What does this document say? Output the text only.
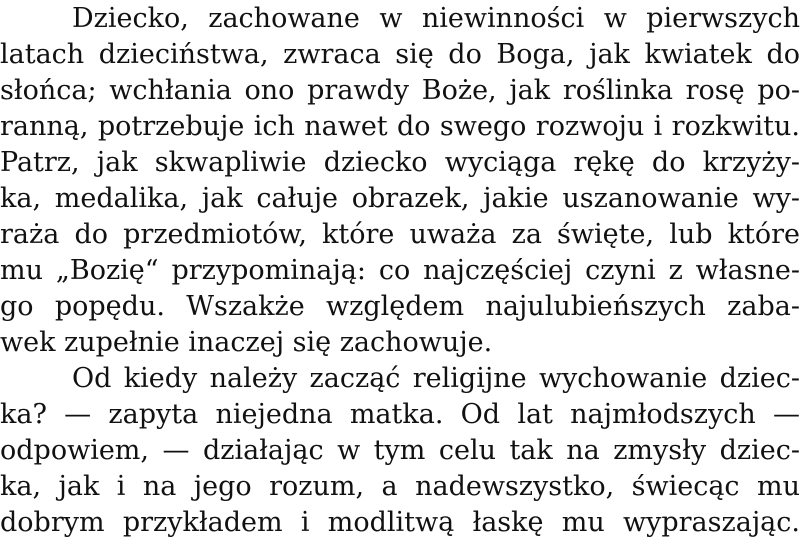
Dziecko, zachowane w niewinności w pierwszych
latach dzieciństwa, zwraca się do Boga, jak kwiatek do
słońca; wchłania ono prawdy Boże, jak roślinka rosę po-
ranną, potrzebuje ich nawet do swego rozwoju i rozkwitu.
Patrz, jak skwapliwie dziecko wyciąga rękę do krzyży-
ka, medalika, jak całuje obrazek, jakie uszanowanie wy-
raża do przedmiotów, które uważa za święte, lub które
mu „Bozię“ przypominają: co najczęściej czyni z własne-
go popędu. Wszakże względem najulubieńszych zaba-
wek zupełnie inaczej się zachowuje.
Od kiedy należy zacząć religijne wychowanie dziec-
ka? — zapyta niejedna matka. Od lat najmłodszych —
odpowiem, — działając w tym celu tak na zmysły dziec-
ka, jak i na jego rozum, a nadewszystko, świecąc mu
dobrym przykładem i modlitwą łaskę mu wypraszając.
